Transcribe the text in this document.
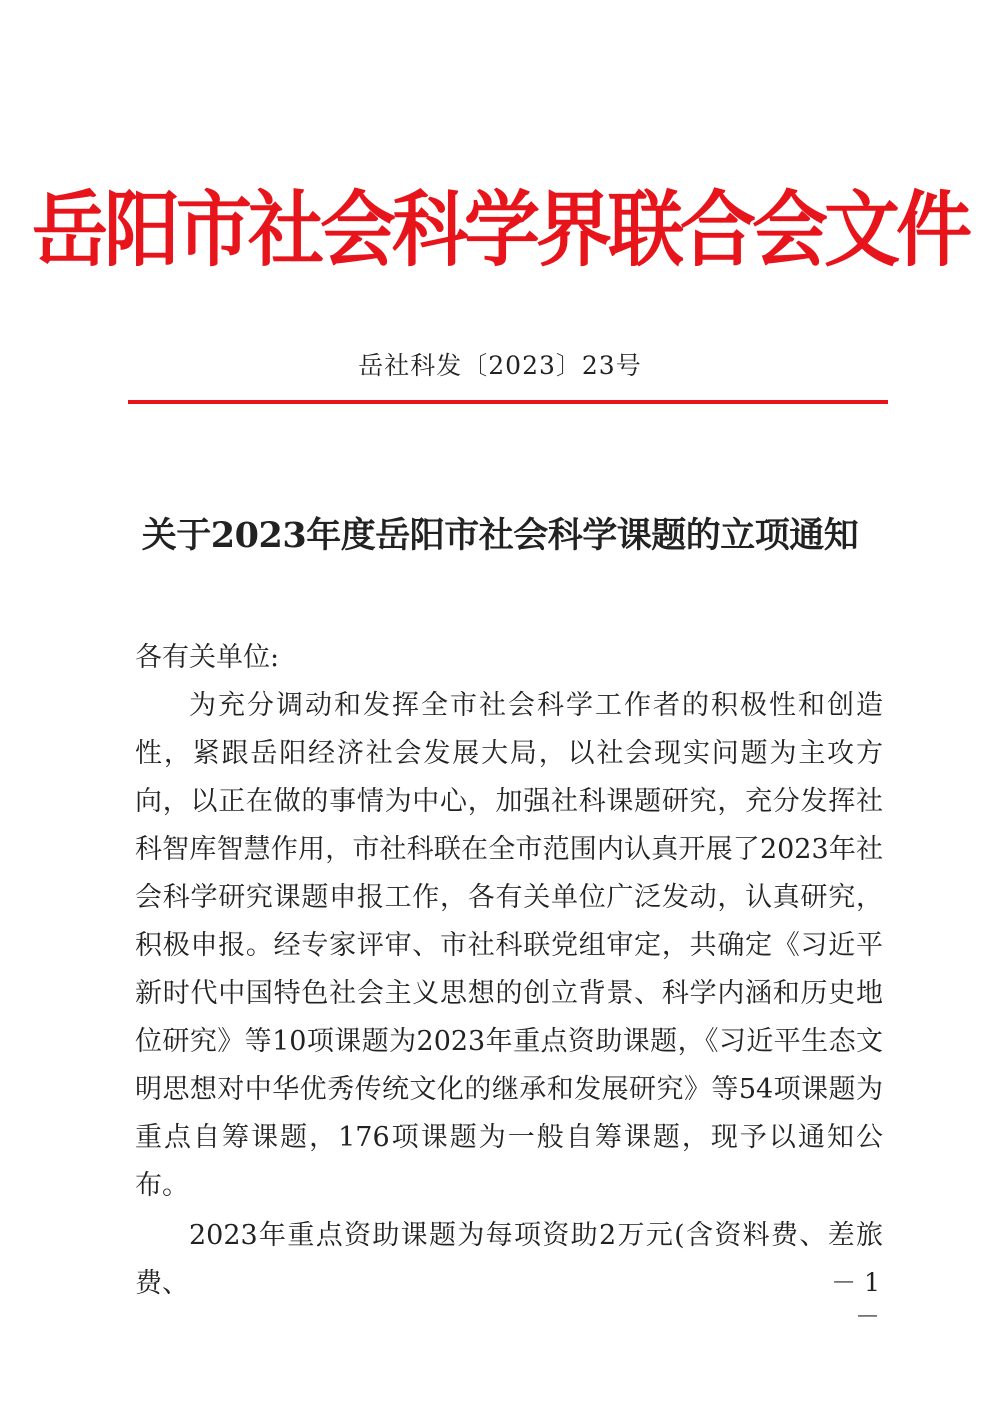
岳阳市社会科学界联合会文件
岳社科发〔2023〕23号
关于2023年度岳阳市社会科学课题的立项通知
各有关单位:

为充分调动和发挥全市社会科学工作者的积极性和创造性，紧跟岳阳经济社会发展大局，以社会现实问题为主攻方向，以正在做的事情为中心，加强社科课题研究，充分发挥社科智库智慧作用，市社科联在全市范围内认真开展了2023年社会科学研究课题申报工作，各有关单位广泛发动，认真研究，积极申报。经专家评审、市社科联党组审定，共确定《习近平新时代中国特色社会主义思想的创立背景、科学内涵和历史地位研究》等10项课题为2023年重点资助课题，《习近平生态文明思想对中华优秀传统文化的继承和发展研究》等54项课题为重点自筹课题，176项课题为一般自筹课题，现予以通知公布。

2023年重点资助课题为每项资助2万元(含资料费、差旅费、	－ 1 －
